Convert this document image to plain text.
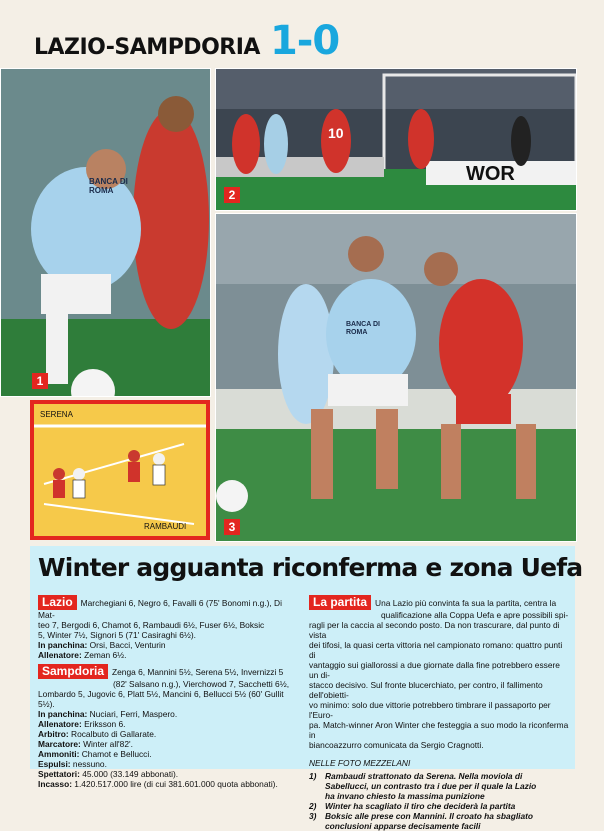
LAZIO-SAMPDORIA 1-0
BANCA DI ROMA
1
WOR
10
2
BANCA DI ROMA
3
SERENA
RAMBAUDI
Winter agguanta riconferma e zona Uefa
Lazio Marchegiani 6, Negro 6, Favalli 6 (75' Bonomi n.g.), Di Mat-
teo 7, Bergodi 6, Chamot 6, Rambaudi 6½, Fuser 6½, Boksic
5, Winter 7½, Signori 5 (71' Casiraghi 6½).
In panchina: Orsi, Bacci, Venturin
Allenatore: Zeman 6½.
Sampdoria Zenga 6, Mannini 5½, Serena 5½, Invernizzi 5
(82' Salsano n.g.), Vierchowod 7, Sacchetti 6½,
Lombardo 5, Jugovic 6, Platt 5½, Mancini 6, Bellucci 5½ (60' Gullit 5½).
In panchina: Nuciari, Ferri, Maspero.
Allenatore: Eriksson 6.
Arbitro: Rocalbuto di Gallarate.
Marcatore: Winter all'82'.
Ammoniti: Chamot e Bellucci.
Espulsi: nessuno.
Spettatori: 45.000 (33.149 abbonati).
Incasso: 1.420.517.000 lire (di cui 381.601.000 quota abbonati).
La partita Una Lazio più convinta fa sua la partita, centra la
qualificazione alla Coppa Uefa e apre possibili spi-
ragli per la caccia al secondo posto. Da non trascurare, dal punto di vista
dei tifosi, la quasi certa vittoria nel campionato romano: quattro punti di
vantaggio sui giallorossi a due giornate dalla fine potrebbero essere un di-
stacco decisivo. Sul fronte blucerchiato, per contro, il fallimento dell'obietti-
vo minimo: solo due vittorie potrebbero timbrare il passaporto per l'Euro-
pa. Match-winner Aron Winter che festeggia a suo modo la riconferma in
biancoazzurro comunicata da Sergio Cragnotti.
NELLE FOTO MEZZELANI
1)	Rambaudi strattonato da Serena. Nella moviola di
Sabellucci, un contrasto tra i due per il quale la Lazio
ha invano chiesto la massima punizione
2)	Winter ha scagliato il tiro che deciderà la partita
3)	Boksic alle prese con Mannini. Il croato ha sbagliato
conclusioni apparse decisamente facili
